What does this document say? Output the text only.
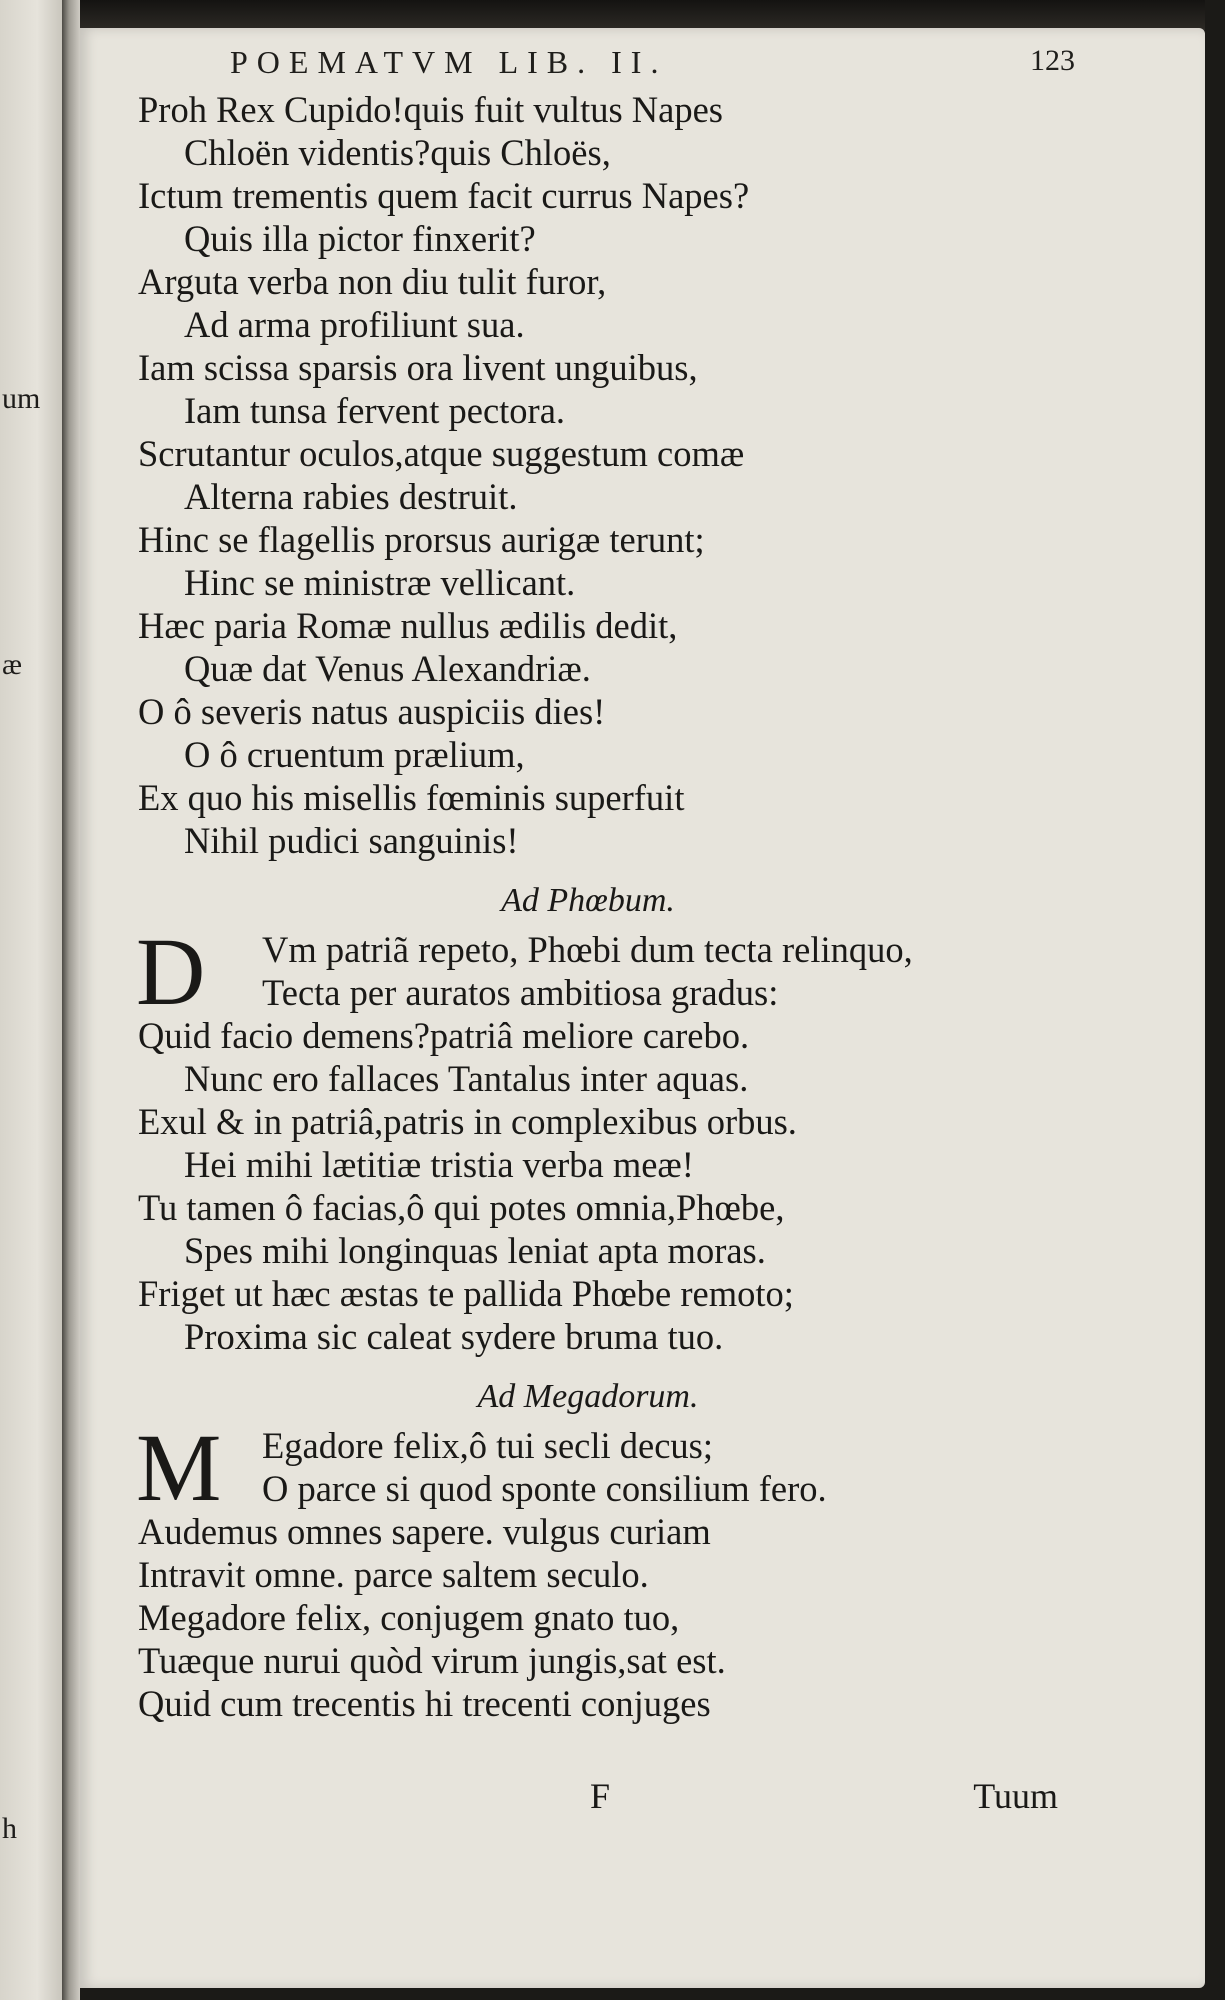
um
æ
h
POEMATVM LIB. II.	123
Proh Rex Cupido!quis fuit vultus Napes
Chloën videntis?quis Chloës,
Ictum trementis quem facit currus Napes?
Quis illa pictor finxerit?
Arguta verba non diu tulit furor,
Ad arma profiliunt sua.
Iam scissa sparsis ora livent unguibus,
Iam tunsa fervent pectora.
Scrutantur oculos,atque suggestum comæ
Alterna rabies destruit.
Hinc se flagellis prorsus aurigæ terunt;
Hinc se ministræ vellicant.
Hæc paria Romæ nullus ædilis dedit,
Quæ dat Venus Alexandriæ.
O ô severis natus auspiciis dies!
O ô cruentum prælium,
Ex quo his misellis fœminis superfuit
Nihil pudici sanguinis!
Ad Phœbum.
D	Vm patriã repeto, Phœbi dum tecta relinquo,
Tecta per auratos ambitiosa gradus:
Quid facio demens?patriâ meliore carebo.
Nunc ero fallaces Tantalus inter aquas.
Exul & in patriâ,patris in complexibus orbus.
Hei mihi lætitiæ tristia verba meæ!
Tu tamen ô facias,ô qui potes omnia,Phœbe,
Spes mihi longinquas leniat apta moras.
Friget ut hæc æstas te pallida Phœbe remoto;
Proxima sic caleat sydere bruma tuo.
Ad Megadorum.
M	Egadore felix,ô tui secli decus;
O parce si quod sponte consilium fero.
Audemus omnes sapere. vulgus curiam
Intravit omne. parce saltem seculo.
Megadore felix, conjugem gnato tuo,
Tuæque nurui quòd virum jungis,sat est.
Quid cum trecentis hi trecenti conjuges
F	Tuum
